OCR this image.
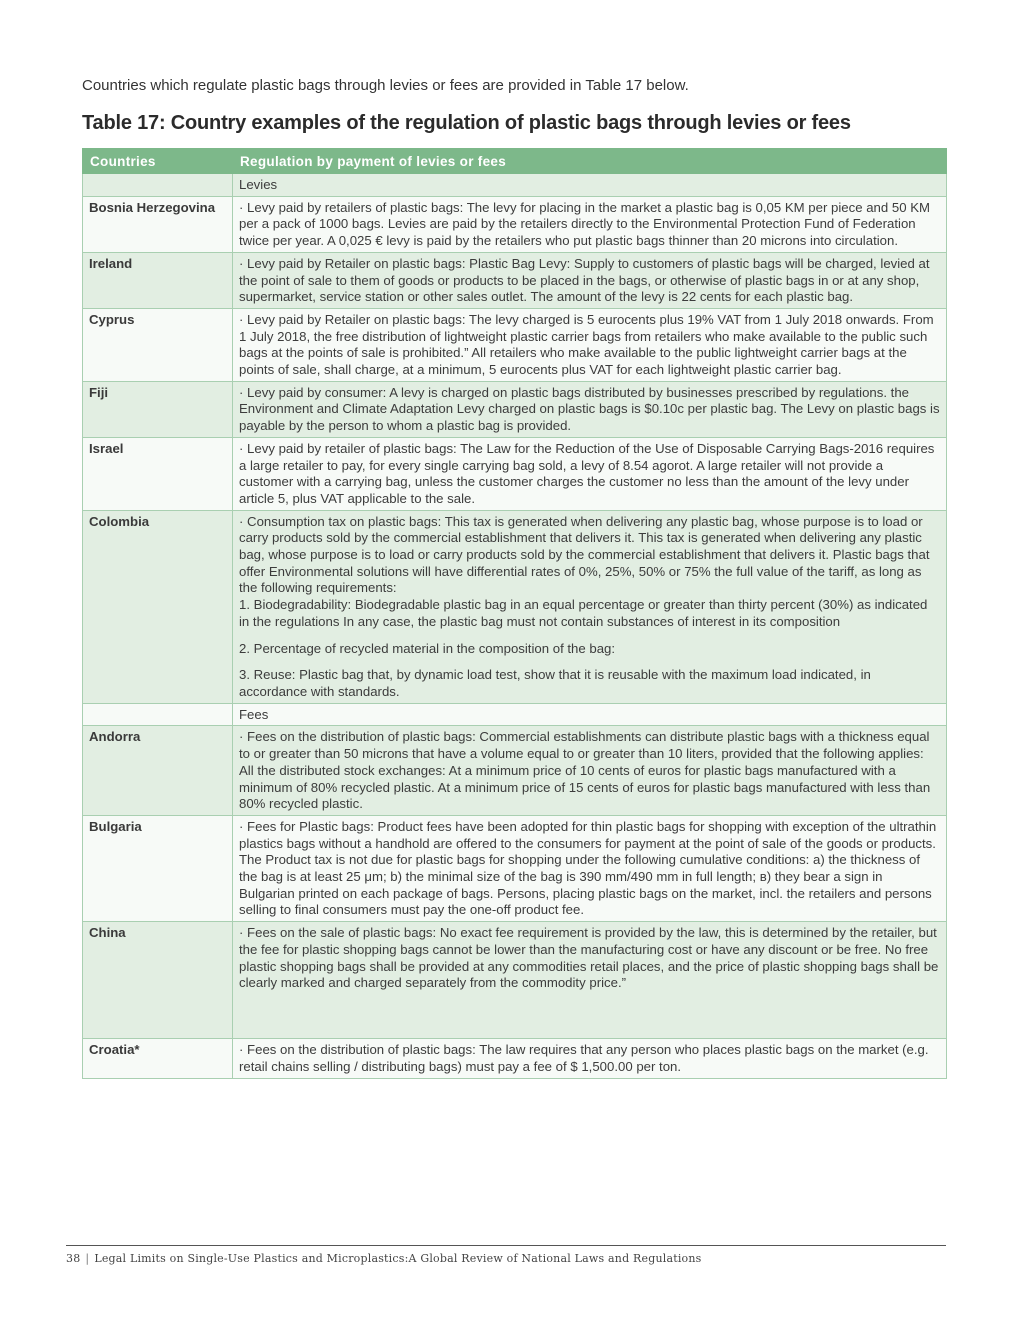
Countries which regulate plastic bags through levies or fees are provided in Table 17 below.

Table 17: Country examples of the regulation of plastic bags through levies or fees
Countries	Regulation by payment of levies or fees
	Levies
Bosnia Herzegovina	· Levy paid by retailers of plastic bags: The levy for placing in the market a plastic bag is 0,05 KM per piece and 50 KM per a pack of 1000 bags. Levies are paid by the retailers directly to the Environmental Protection Fund of Federation twice per year. A 0,025 € levy is paid by the retailers who put plastic bags thinner than 20 microns into circulation.
Ireland	· Levy paid by Retailer on plastic bags: Plastic Bag Levy: Supply to customers of plastic bags will be charged, levied at the point of sale to them of goods or products to be placed in the bags, or otherwise of plastic bags in or at any shop, supermarket, service station or other sales outlet. The amount of the levy is 22 cents for each plastic bag.
Cyprus	· Levy paid by Retailer on plastic bags: The levy charged is 5 eurocents plus 19% VAT from 1 July 2018 onwards. From 1 July 2018, the free distribution of lightweight plastic carrier bags from retailers who make available to the public such bags at the points of sale is prohibited.” All retailers who make available to the public lightweight carrier bags at the points of sale, shall charge, at a minimum, 5 eurocents plus VAT for each lightweight plastic carrier bag.
Fiji	· Levy paid by consumer: A levy is charged on plastic bags distributed by businesses prescribed by regulations. the Environment and Climate Adaptation Levy charged on plastic bags is $0.10c per plastic bag. The Levy on plastic bags is payable by the person to whom a plastic bag is provided.
Israel	· Levy paid by retailer of plastic bags: The Law for the Reduction of the Use of Disposable Carrying Bags-2016 requires a large retailer to pay, for every single carrying bag sold, a levy of 8.54 agorot. A large retailer will not provide a customer with a carrying bag, unless the customer charges the customer no less than the amount of the levy under article 5, plus VAT applicable to the sale.
Colombia	· Consumption tax on plastic bags: This tax is generated when delivering any plastic bag, whose purpose is to load or carry products sold by the commercial establishment that delivers it. This tax is generated when delivering any plastic bag, whose purpose is to load or carry products sold by the commercial establishment that delivers it. Plastic bags that offer Environmental solutions will have differential rates of 0%, 25%, 50% or 75% the full value of the tariff, as long as the following requirements:

1. Biodegradability: Biodegradable plastic bag in an equal percentage or greater than thirty percent (30%) as indicated in the regulations In any case, the plastic bag must not contain substances of interest in its composition

2. Percentage of recycled material in the composition of the bag:

3. Reuse: Plastic bag that, by dynamic load test, show that it is reusable with the maximum load indicated, in accordance with standards.

	Fees
Andorra	· Fees on the distribution of plastic bags: Commercial establishments can distribute plastic bags with a thickness equal to or greater than 50 microns that have a volume equal to or greater than 10 liters, provided that the following applies: All the distributed stock exchanges: At a minimum price of 10 cents of euros for plastic bags manufactured with a minimum of 80% recycled plastic. At a minimum price of 15 cents of euros for plastic bags manufactured with less than 80% recycled plastic.
Bulgaria	· Fees for Plastic bags: Product fees have been adopted for thin plastic bags for shopping with exception of the ultrathin plastics bags without a handhold are offered to the consumers for payment at the point of sale of the goods or products. The Product tax is not due for plastic bags for shopping under the following cumulative conditions: a) the thickness of the bag is at least 25 μm; b) the minimal size of the bag is 390 mm/490 mm in full length; в) they bear a sign in Bulgarian printed on each package of bags. Persons, placing plastic bags on the market, incl. the retailers and persons selling to final consumers must pay the one-off product fee.
China	· Fees on the sale of plastic bags: No exact fee requirement is provided by the law, this is determined by the retailer, but the fee for plastic shopping bags cannot be lower than the manufacturing cost or have any discount or be free. No free plastic shopping bags shall be provided at any commodities retail places, and the price of plastic shopping bags shall be clearly marked and charged separately from the commodity price.”
Croatia*	· Fees on the distribution of plastic bags: The law requires that any person who places plastic bags on the market (e.g. retail chains selling / distributing bags) must pay a fee of $ 1,500.00 per ton.
38 | Legal Limits on Single-Use Plastics and Microplastics:A Global Review of National Laws and Regulations
